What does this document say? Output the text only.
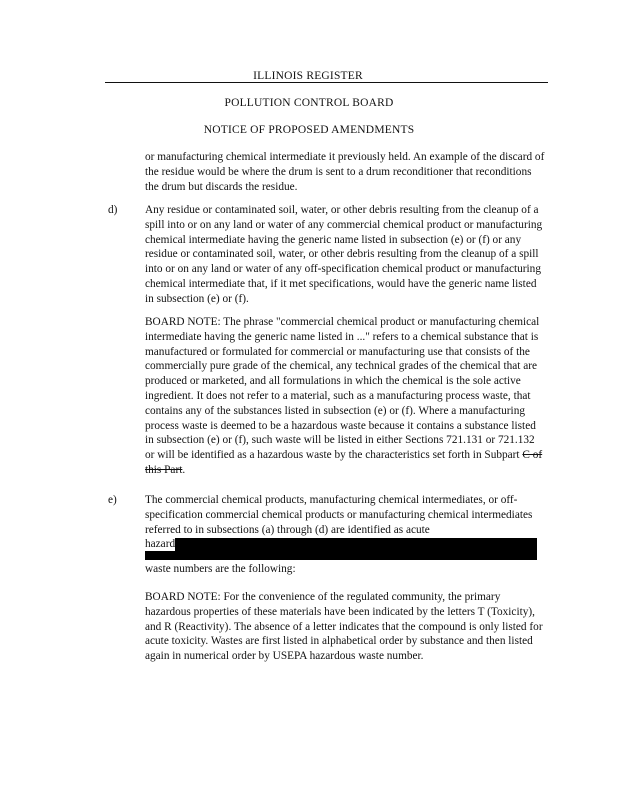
ILLINOIS REGISTER
POLLUTION CONTROL BOARD
NOTICE OF PROPOSED AMENDMENTS
or manufacturing chemical intermediate it previously held. An example of the discard of the residue would be where the drum is sent to a drum reconditioner that reconditions the drum but discards the residue.
d) Any residue or contaminated soil, water, or other debris resulting from the cleanup of a spill into or on any land or water of any commercial chemical product or manufacturing chemical intermediate having the generic name listed in subsection (e) or (f) or any residue or contaminated soil, water, or other debris resulting from the cleanup of a spill into or on any land or water of any off-specification chemical product or manufacturing chemical intermediate that, if it met specifications, would have the generic name listed in subsection (e) or (f).
BOARD NOTE: The phrase "commercial chemical product or manufacturing chemical intermediate having the generic name listed in ..." refers to a chemical substance that is manufactured or formulated for commercial or manufacturing use that consists of the commercially pure grade of the chemical, any technical grades of the chemical that are produced or marketed, and all formulations in which the chemical is the sole active ingredient. It does not refer to a material, such as a manufacturing process waste, that contains any of the substances listed in subsection (e) or (f). Where a manufacturing process waste is deemed to be a hazardous waste because it contains a substance listed in subsection (e) or (f), such waste will be listed in either Sections 721.131 or 721.132 or will be identified as a hazardous waste by the characteristics set forth in Subpart C of this Part.
e) The commercial chemical products, manufacturing chemical intermediates, or off-specification commercial chemical products or manufacturing chemical intermediates referred to in subsections (a) through (d) are identified as acute
hazard
waste numbers are the following:
BOARD NOTE: For the convenience of the regulated community, the primary hazardous properties of these materials have been indicated by the letters T (Toxicity), and R (Reactivity). The absence of a letter indicates that the compound is only listed for acute toxicity. Wastes are first listed in alphabetical order by substance and then listed again in numerical order by USEPA hazardous waste number.
